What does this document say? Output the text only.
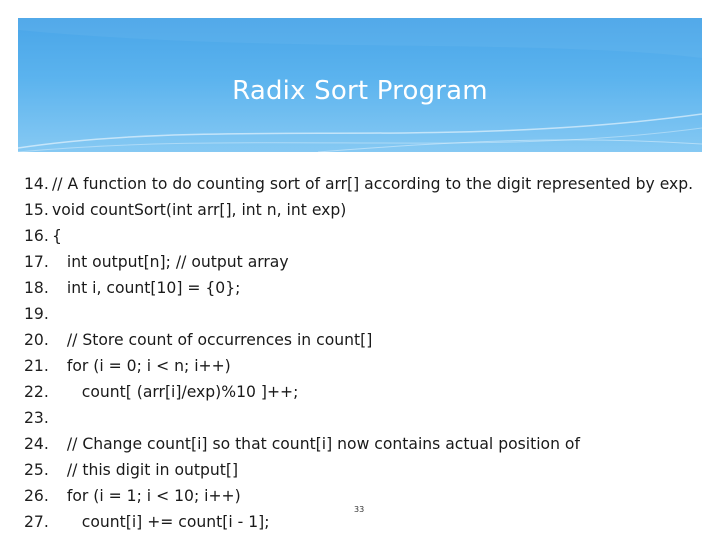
Radix Sort Program
14. // A function to do counting sort of arr[] according to the digit represented by exp.
15. void countSort(int arr[], int n, int exp)
16. {
17.   int output[n]; // output array
18.   int i, count[10] = {0};
19.
20.   // Store count of occurrences in count[]
21.   for (i = 0; i < n; i++)
22.      count[ (arr[i]/exp)%10 ]++;
23.
24.   // Change count[i] so that count[i] now contains actual position of
25.   // this digit in output[]
26.   for (i = 1; i < 10; i++)
27.      count[i] += count[i - 1];
33
